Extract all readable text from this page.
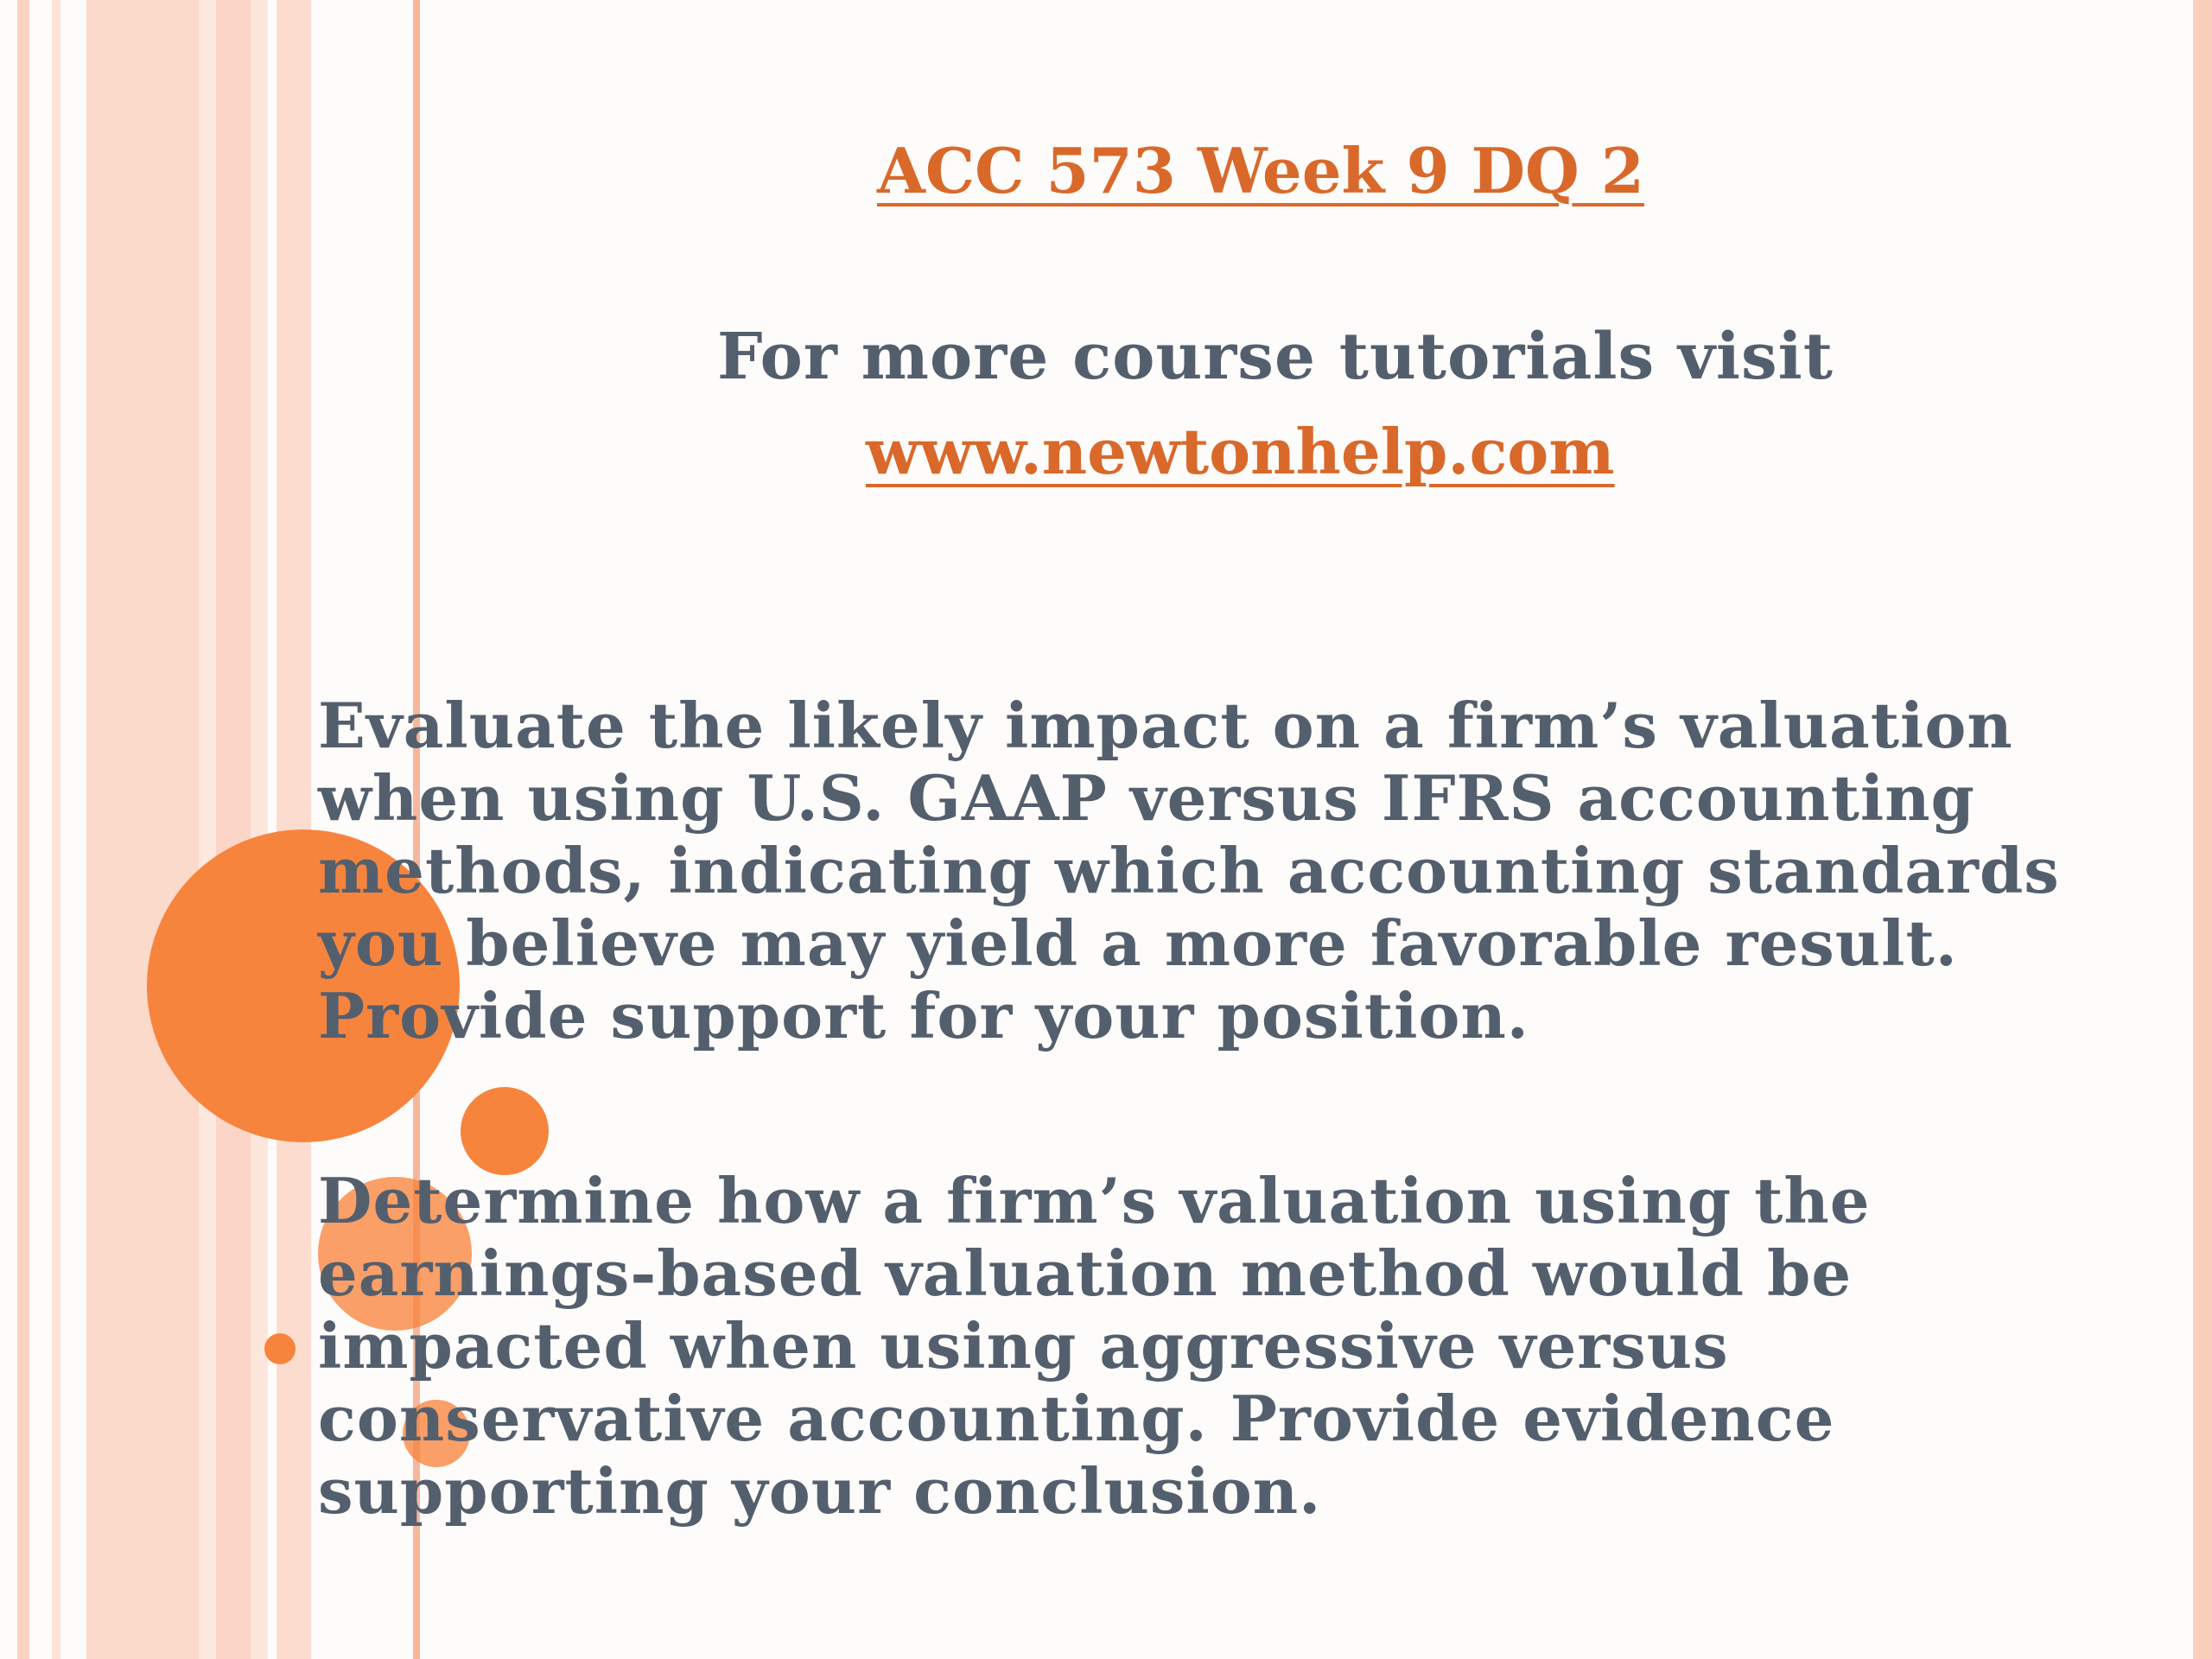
ACC 573 Week 9 DQ 2

For more course tutorials visit

www.newtonhelp.com

Evaluate the likely impact on a firm’s valuation when using U.S. GAAP versus IFRS accounting methods, indicating which accounting standards you believe may yield a more favorable result. Provide support for your position.

Determine how a firm’s valuation using the earnings-based valuation method would be impacted when using aggressive versus conservative accounting. Provide evidence supporting your conclusion.
